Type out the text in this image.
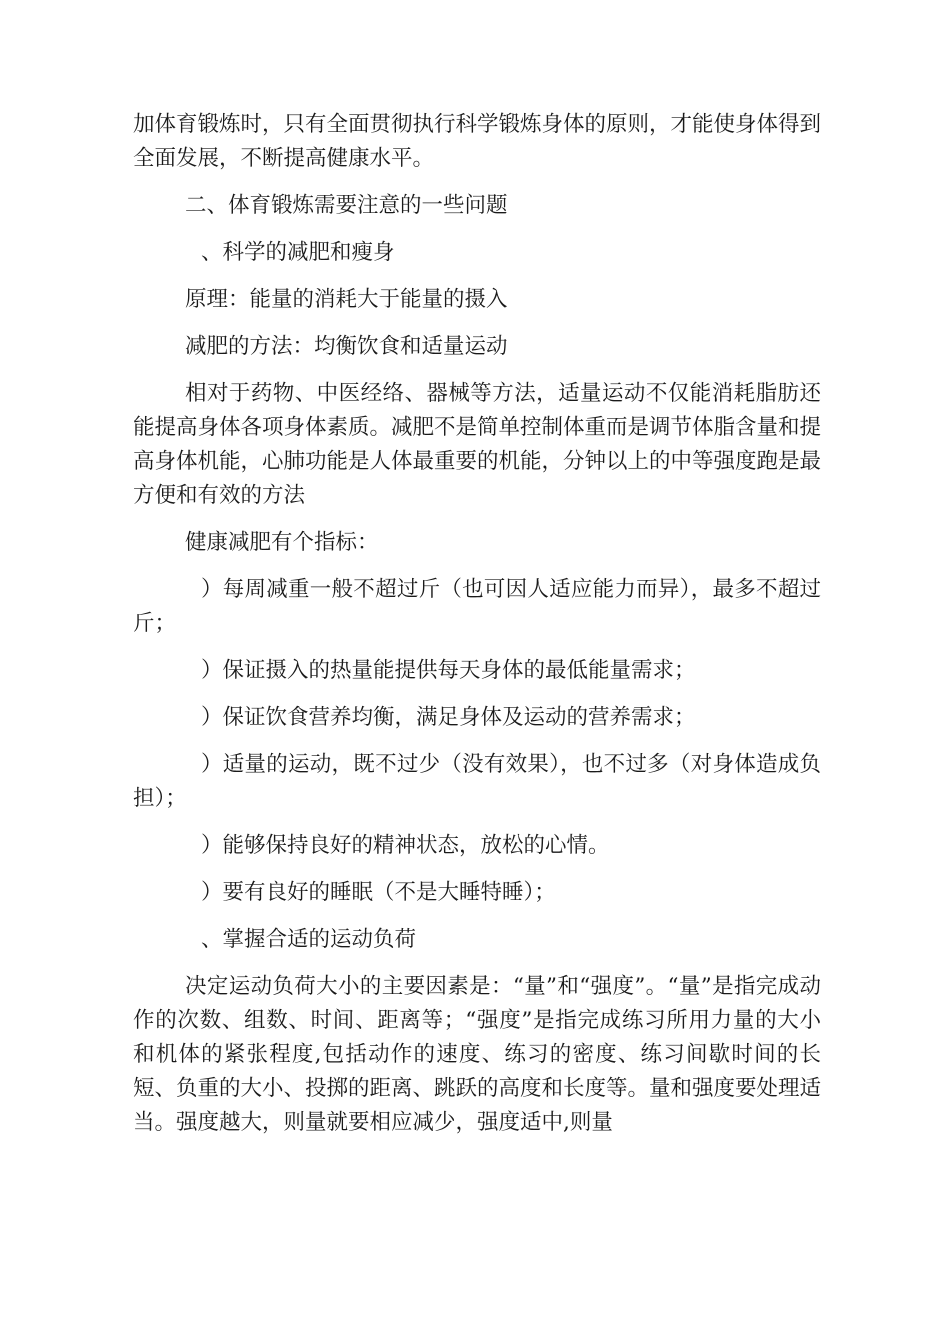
加体育锻炼时，只有全面贯彻执行科学锻炼身体的原则，才能使身体得到全面发展，不断提高健康水平。

二、体育锻炼需要注意的一些问题

、科学的减肥和瘦身

原理：能量的消耗大于能量的摄入

减肥的方法：均衡饮食和适量运动

相对于药物、中医经络、器械等方法，适量运动不仅能消耗脂肪还能提高身体各项身体素质。减肥不是简单控制体重而是调节体脂含量和提高身体机能，心肺功能是人体最重要的机能，分钟以上的中等强度跑是最方便和有效的方法

健康减肥有个指标：

）每周减重一般不超过斤（也可因人适应能力而异），最多不超过斤；

）保证摄入的热量能提供每天身体的最低能量需求；

）保证饮食营养均衡，满足身体及运动的营养需求；

）适量的运动，既不过少（没有效果），也不过多（对身体造成负担）；

）能够保持良好的精神状态，放松的心情。

）要有良好的睡眠（不是大睡特睡）；

、掌握合适的运动负荷

决定运动负荷大小的主要因素是：“量”和“强度”。“量”是指完成动作的次数、组数、时间、距离等；“强度”是指完成练习所用力量的大小和机体的紧张程度,包括动作的速度、练习的密度、练习间歇时间的长短、负重的大小、投掷的距离、跳跃的高度和长度等。量和强度要处理适当。强度越大，则量就要相应减少，强度适中,则量
